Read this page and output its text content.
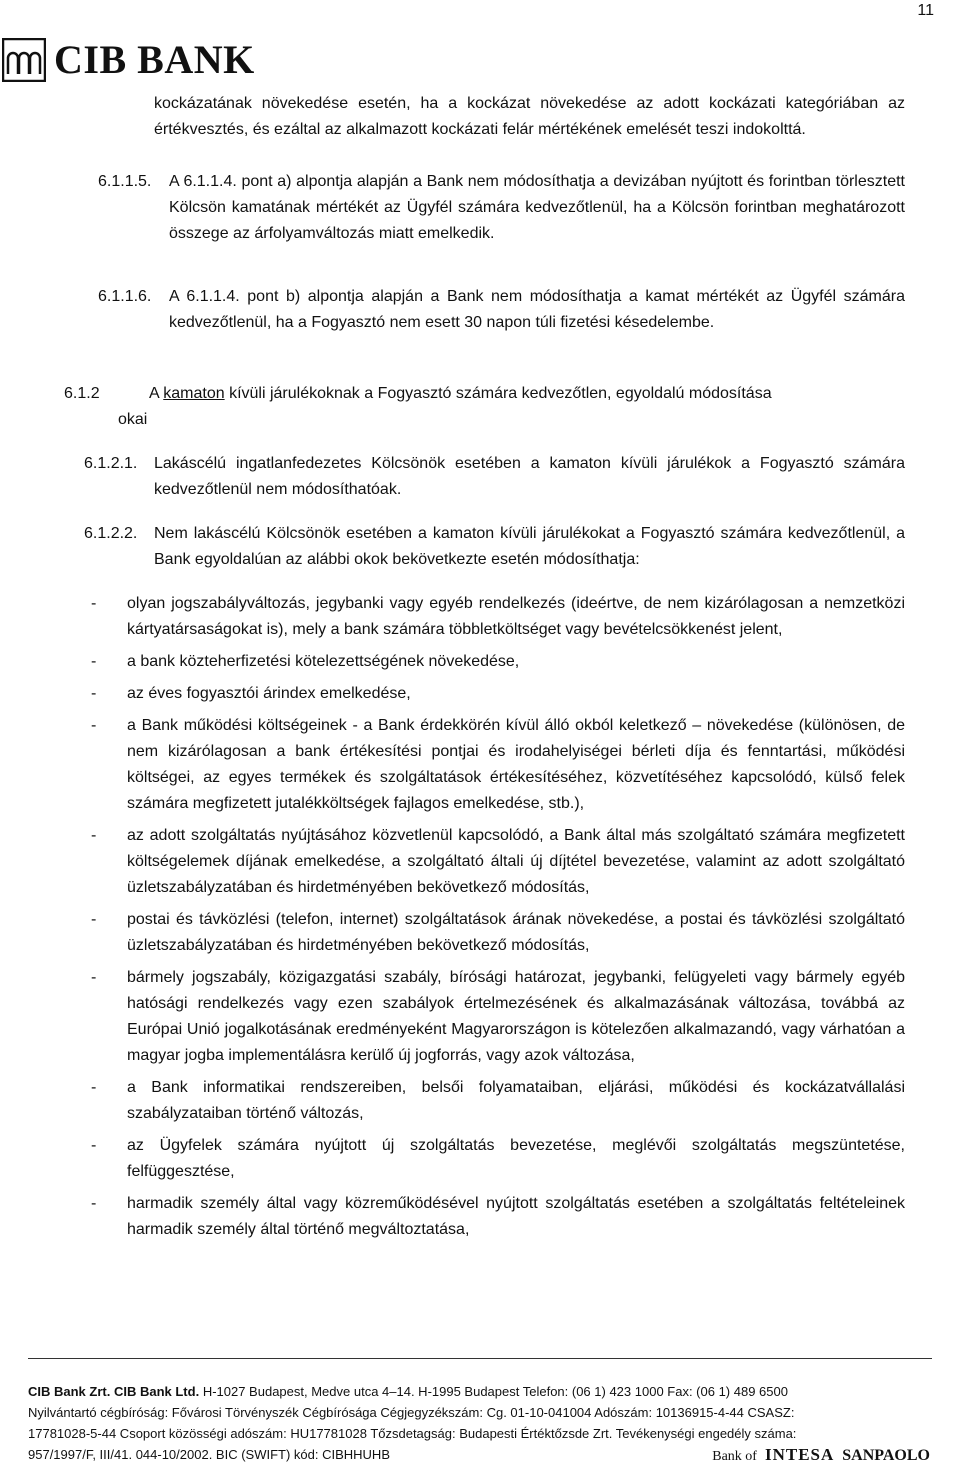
11
CIB BANK
kockázatának növekedése esetén, ha a kockázat növekedése az adott kockázati kategóriában az értékvesztés, és ezáltal az alkalmazott kockázati felár mértékének emelését teszi indokolttá.
6.1.1.5. A 6.1.1.4. pont a) alpontja alapján a Bank nem módosíthatja a devizában nyújtott és forintban törlesztett Kölcsön kamatának mértékét az Ügyfél számára kedvezőtlenül, ha a Kölcsön forintban meghatározott összege az árfolyamváltozás miatt emelkedik.
6.1.1.6. A 6.1.1.4. pont b) alpontja alapján a Bank nem módosíthatja a kamat mértékét az Ügyfél számára kedvezőtlenül, ha a Fogyasztó nem esett 30 napon túli fizetési késedelembe.
6.1.2	A kamaton kívüli járulékoknak a Fogyasztó számára kedvezőtlen, egyoldalú módosítása
okai
6.1.2.1. Lakáscélú ingatlanfedezetes Kölcsönök esetében a kamaton kívüli járulékok a Fogyasztó számára kedvezőtlenül nem módosíthatóak.
6.1.2.2. Nem lakáscélú Kölcsönök esetében a kamaton kívüli járulékokat a Fogyasztó számára kedvezőtlenül, a Bank egyoldalúan az alábbi okok bekövetkezte esetén módosíthatja:
- olyan jogszabályváltozás, jegybanki vagy egyéb rendelkezés (ideértve, de nem kizárólagosan a nemzetközi kártyatársaságokat is), mely a bank számára többletköltséget vagy bevételcsökkenést jelent,
- a bank közteherfizetési kötelezettségének növekedése,
- az éves fogyasztói árindex emelkedése,
- a Bank működési költségeinek - a Bank érdekkörén kívül álló okból keletkező – növekedése (különösen, de nem kizárólagosan a bank értékesítési pontjai és irodahelyiségei bérleti díja és fenntartási, működési költségei, az egyes termékek és szolgáltatások értékesítéséhez, közvetítéséhez kapcsolódó, külső felek számára megfizetett jutalékköltségek fajlagos emelkedése, stb.),
- az adott szolgáltatás nyújtásához közvetlenül kapcsolódó, a Bank által más szolgáltató számára megfizetett költségelemek díjának emelkedése, a szolgáltató általi új díjtétel bevezetése, valamint az adott szolgáltató üzletszabályzatában és hirdetményében bekövetkező módosítás,
- postai és távközlési (telefon, internet) szolgáltatások árának növekedése, a postai és távközlési szolgáltató üzletszabályzatában és hirdetményében bekövetkező módosítás,
- bármely jogszabály, közigazgatási szabály, bírósági határozat, jegybanki, felügyeleti vagy bármely egyéb hatósági rendelkezés vagy ezen szabályok értelmezésének és alkalmazásának változása, továbbá az Európai Unió jogalkotásának eredményeként Magyarországon is kötelezően alkalmazandó, vagy várhatóan a magyar jogba implementálásra kerülő új jogforrás, vagy azok változása,
- a Bank informatikai rendszereiben, belsői folyamataiban, eljárási, működési és kockázatvállalási szabályzataiban történő változás,
- az Ügyfelek számára nyújtott új szolgáltatás bevezetése, meglévői szolgáltatás megszüntetése, felfüggesztése,
- harmadik személy által vagy közreműködésével nyújtott szolgáltatás esetében a szolgáltatás feltételeinek harmadik személy által történő megváltoztatása,
CIB Bank Zrt. CIB Bank Ltd. H-1027 Budapest, Medve utca 4–14. H-1995 Budapest Telefon: (06 1) 423 1000 Fax: (06 1) 489 6500
Nyilvántartó cégbíróság: Fővárosi Törvényszék Cégbírósága Cégjegyzékszám: Cg. 01-10-041004 Adószám: 10136915-4-44 CSASZ:
17781028-5-44 Csoport közösségi adószám: HU17781028 Tőzsdetagság: Budapesti Értéktőzsde Zrt. Tevékenységi engedély száma:
957/1997/F, III/41. 044-10/2002. BIC (SWIFT) kód: CIBHHUHB	Bank of INTESA SANPAOLO
